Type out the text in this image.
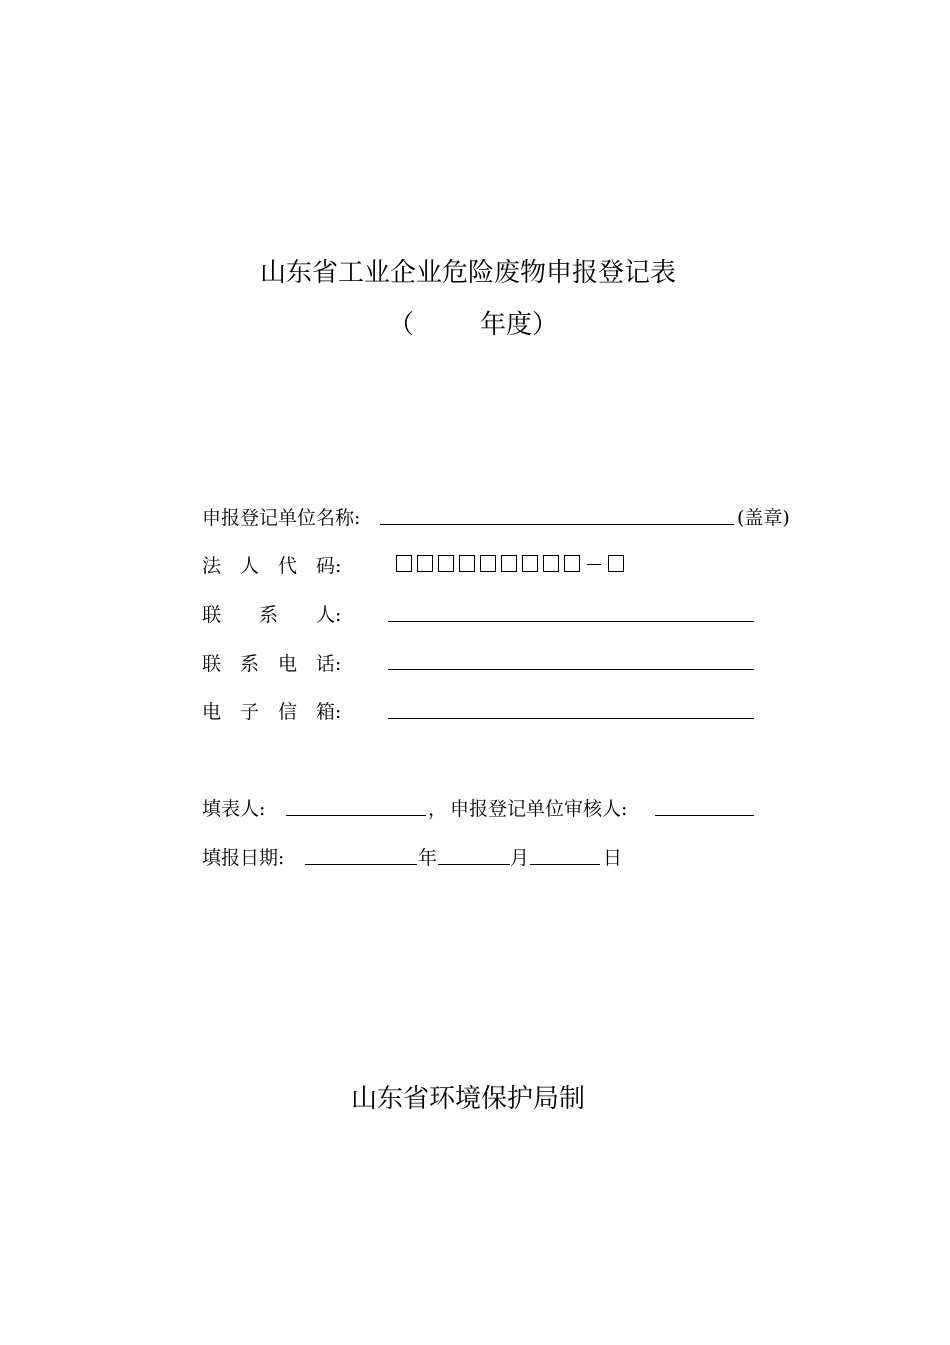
山东省工业企业危险废物申报登记表
（	年度）
申报登记单位名称:	(盖章)
法　人　代　码:
联　　系　　人:
联　系　电　话:
电　子　信　箱:
填表人:	， 申报登记单位审核人:
填报日期:	年	月	日
山东省环境保护局制
